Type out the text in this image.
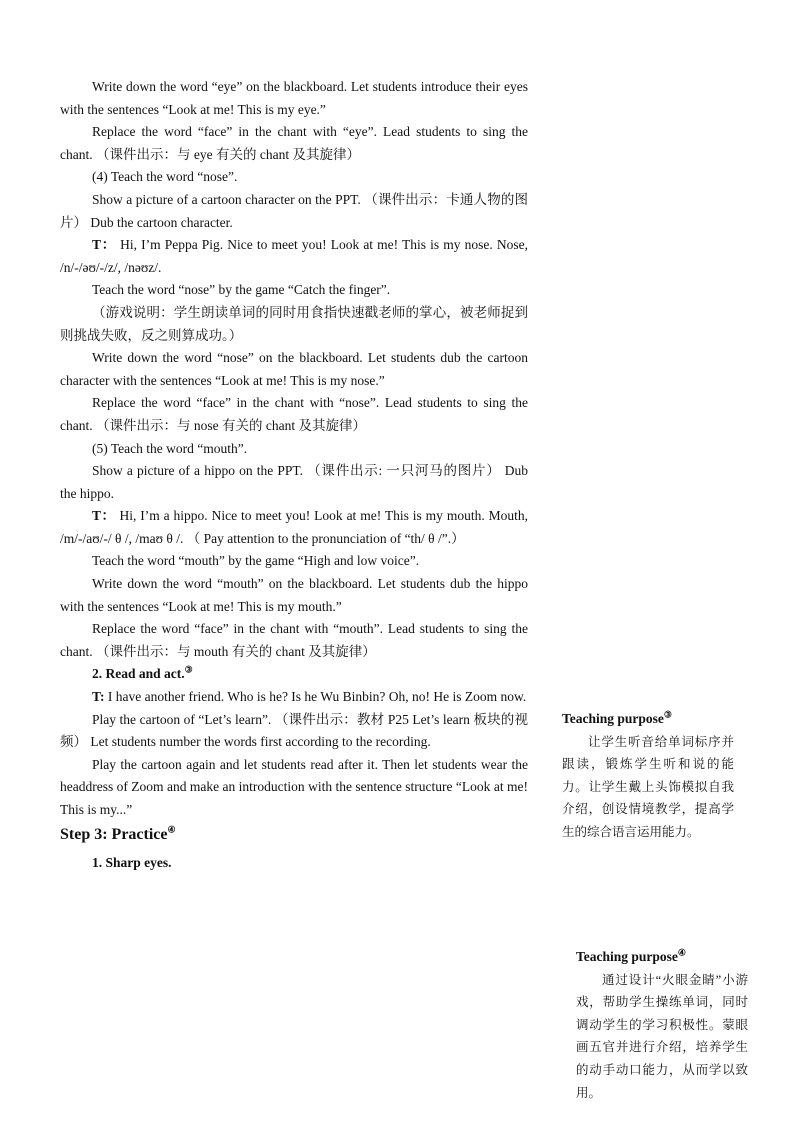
Write down the word “eye” on the blackboard. Let students introduce their eyes with the sentences “Look at me! This is my eye.”

Replace the word “face” in the chant with “eye”. Lead students to sing the chant. （课件出示：与 eye 有关的 chant 及其旋律）

(4) Teach the word “nose”.

Show a picture of a cartoon character on the PPT. （课件出示：卡通人物的图片） Dub the cartoon character.

T： Hi, I’m Peppa Pig. Nice to meet you! Look at me! This is my nose. Nose, /n/-/əʊ/-/z/, /nəʊz/.

Teach the word “nose” by the game “Catch the finger”.

（游戏说明：学生朗读单词的同时用食指快速戳老师的掌心，被老师捉到则挑战失败，反之则算成功。）

Write down the word “nose” on the blackboard. Let students dub the cartoon character with the sentences “Look at me! This is my nose.”

Replace the word “face” in the chant with “nose”. Lead students to sing the chant. （课件出示：与 nose 有关的 chant 及其旋律）

(5) Teach the word “mouth”.

Show a picture of a hippo on the PPT. （课件出示: 一只河马的图片） Dub the hippo.

T： Hi, I’m a hippo. Nice to meet you! Look at me! This is my mouth. Mouth, /m/-/aʊ/-/ θ /, /maʊ θ /. （ Pay attention to the pronunciation of “th/ θ /”.）

Teach the word “mouth” by the game “High and low voice”.

Write down the word “mouth” on the blackboard. Let students dub the hippo with the sentences “Look at me! This is my mouth.”

Replace the word “face” in the chant with “mouth”. Lead students to sing the chant. （课件出示：与 mouth 有关的 chant 及其旋律）

2. Read and act.③

T: I have another friend. Who is he? Is he Wu Binbin? Oh, no! He is Zoom now.

Play the cartoon of “Let’s learn”. （课件出示：教材 P25 Let’s learn 板块的视频） Let students number the words first according to the recording.

Play the cartoon again and let students read after it. Then let students wear the headdress of Zoom and make an introduction with the sentence structure “Look at me! This is my...”

Step 3: Practice④

1. Sharp eyes.

Teaching purpose③
让学生听音给单词标序并跟读，锻炼学生听和说的能力。让学生戴上头饰模拟自我介绍，创设情境教学，提高学生的综合语言运用能力。
Teaching purpose④
通过设计“火眼金睛”小游戏，帮助学生操练单词，同时调动学生的学习积极性。蒙眼画五官并进行介绍，培养学生的动手动口能力，从而学以致用。
